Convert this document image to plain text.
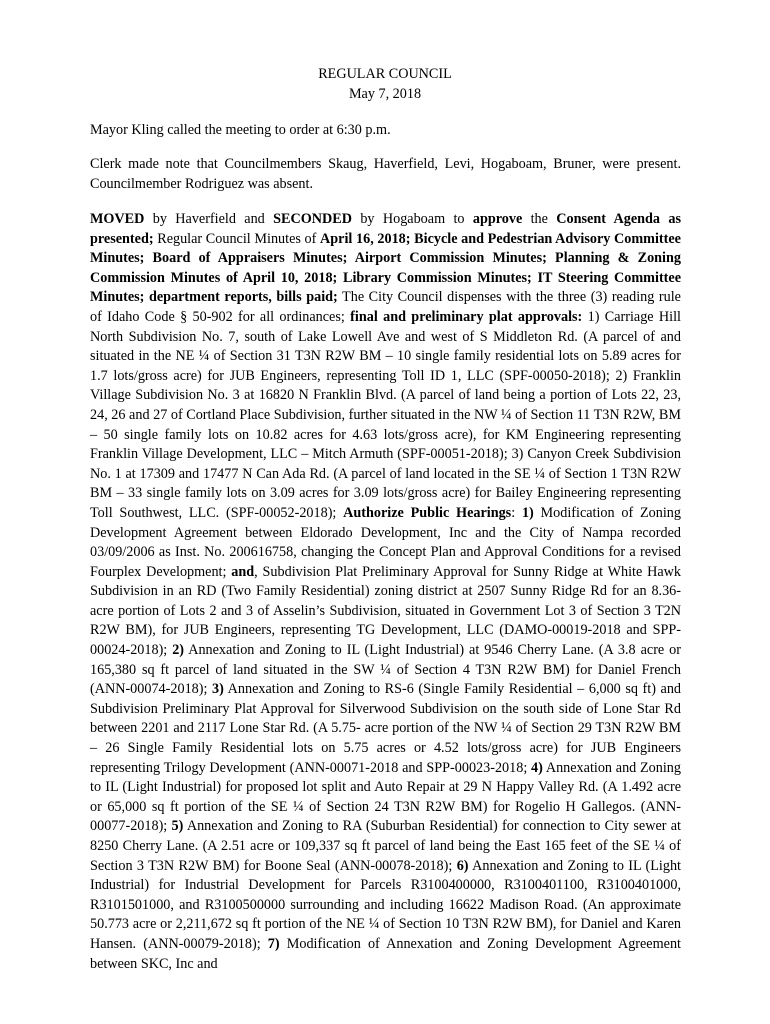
REGULAR COUNCIL
May 7, 2018

Mayor Kling called the meeting to order at 6:30 p.m.

Clerk made note that Councilmembers Skaug, Haverfield, Levi, Hogaboam, Bruner, were present. Councilmember Rodriguez was absent.

MOVED by Haverfield and SECONDED by Hogaboam to approve the Consent Agenda as presented; Regular Council Minutes of April 16, 2018; Bicycle and Pedestrian Advisory Committee Minutes; Board of Appraisers Minutes; Airport Commission Minutes; Planning & Zoning Commission Minutes of April 10, 2018; Library Commission Minutes; IT Steering Committee Minutes; department reports, bills paid; The City Council dispenses with the three (3) reading rule of Idaho Code § 50-902 for all ordinances; final and preliminary plat approvals: 1) Carriage Hill North Subdivision No. 7, south of Lake Lowell Ave and west of S Middleton Rd. (A parcel of and situated in the NE ¼ of Section 31 T3N R2W BM – 10 single family residential lots on 5.89 acres for 1.7 lots/gross acre) for JUB Engineers, representing Toll ID 1, LLC (SPF-00050-2018); 2) Franklin Village Subdivision No. 3 at 16820 N Franklin Blvd. (A parcel of land being a portion of Lots 22, 23, 24, 26 and 27 of Cortland Place Subdivision, further situated in the NW ¼ of Section 11 T3N R2W, BM – 50 single family lots on 10.82 acres for 4.63 lots/gross acre), for KM Engineering representing Franklin Village Development, LLC – Mitch Armuth (SPF-00051-2018); 3) Canyon Creek Subdivision No. 1 at 17309 and 17477 N Can Ada Rd. (A parcel of land located in the SE ¼ of Section 1 T3N R2W BM – 33 single family lots on 3.09 acres for 3.09 lots/gross acre) for Bailey Engineering representing Toll Southwest, LLC. (SPF-00052-2018); Authorize Public Hearings: 1) Modification of Zoning Development Agreement between Eldorado Development, Inc and the City of Nampa recorded 03/09/2006 as Inst. No. 200616758, changing the Concept Plan and Approval Conditions for a revised Fourplex Development; and, Subdivision Plat Preliminary Approval for Sunny Ridge at White Hawk Subdivision in an RD (Two Family Residential) zoning district at 2507 Sunny Ridge Rd for an 8.36-acre portion of Lots 2 and 3 of Asselin’s Subdivision, situated in Government Lot 3 of Section 3 T2N R2W BM), for JUB Engineers, representing TG Development, LLC (DAMO-00019-2018 and SPP-00024-2018); 2) Annexation and Zoning to IL (Light Industrial) at 9546 Cherry Lane. (A 3.8 acre or 165,380 sq ft parcel of land situated in the SW ¼ of Section 4 T3N R2W BM) for Daniel French (ANN-00074-2018); 3) Annexation and Zoning to RS-6 (Single Family Residential – 6,000 sq ft) and Subdivision Preliminary Plat Approval for Silverwood Subdivision on the south side of Lone Star Rd between 2201 and 2117 Lone Star Rd. (A 5.75- acre portion of the NW ¼ of Section 29 T3N R2W BM – 26 Single Family Residential lots on 5.75 acres or 4.52 lots/gross acre) for JUB Engineers representing Trilogy Development (ANN-00071-2018 and SPP-00023-2018; 4) Annexation and Zoning to IL (Light Industrial) for proposed lot split and Auto Repair at 29 N Happy Valley Rd. (A 1.492 acre or 65,000 sq ft portion of the SE ¼ of Section 24 T3N R2W BM) for Rogelio H Gallegos. (ANN-00077-2018); 5) Annexation and Zoning to RA (Suburban Residential) for connection to City sewer at 8250 Cherry Lane. (A 2.51 acre or 109,337 sq ft parcel of land being the East 165 feet of the SE ¼ of Section 3 T3N R2W BM) for Boone Seal (ANN-00078-2018); 6) Annexation and Zoning to IL (Light Industrial) for Industrial Development for Parcels R3100400000, R3100401100, R3100401000, R3101501000, and R3100500000 surrounding and including 16622 Madison Road. (An approximate 50.773 acre or 2,211,672 sq ft portion of the NE ¼ of Section 10 T3N R2W BM), for Daniel and Karen Hansen. (ANN-00079-2018); 7) Modification of Annexation and Zoning Development Agreement between SKC, Inc and
